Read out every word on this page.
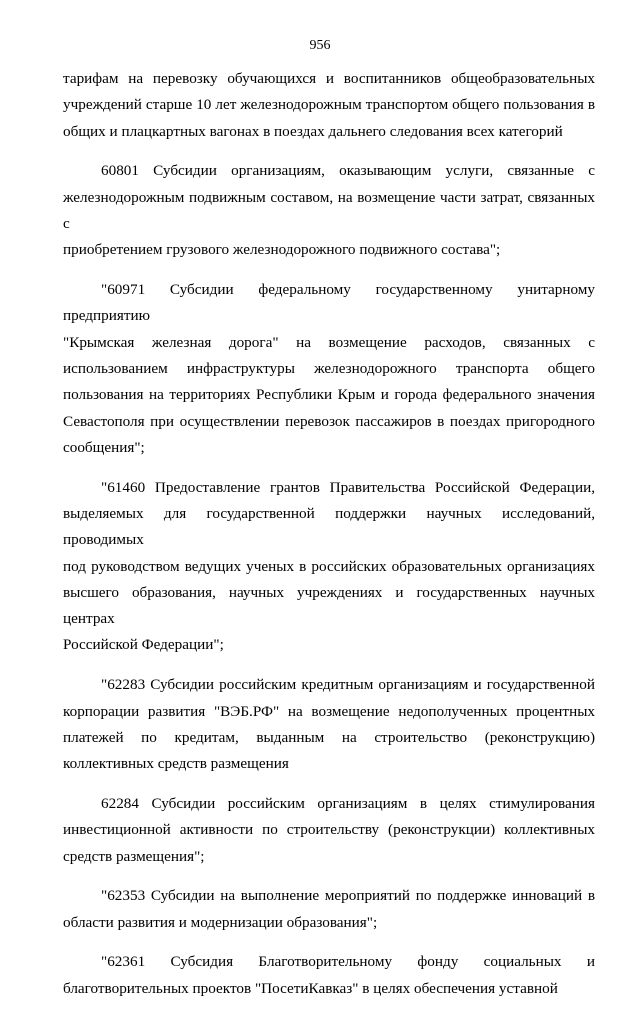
956
тарифам на перевозку обучающихся и воспитанников общеобразовательных
учреждений старше 10 лет железнодорожным транспортом общего пользования в
общих и плацкартных вагонах в поездах дальнего следования всех категорий
60801 Субсидии организациям, оказывающим услуги, связанные с
железнодорожным подвижным составом, на возмещение части затрат, связанных с
приобретением грузового железнодорожного подвижного состава";
"60971 Субсидии федеральному государственному унитарному предприятию
"Крымская железная дорога" на возмещение расходов, связанных с
использованием инфраструктуры железнодорожного транспорта общего
пользования на территориях Республики Крым и города федерального значения
Севастополя при осуществлении перевозок пассажиров в поездах пригородного
сообщения";
"61460 Предоставление грантов Правительства Российской Федерации,
выделяемых для государственной поддержки научных исследований, проводимых
под руководством ведущих ученых в российских образовательных организациях
высшего образования, научных учреждениях и государственных научных центрах
Российской Федерации";
"62283 Субсидии российским кредитным организациям и государственной
корпорации развития "ВЭБ.РФ" на возмещение недополученных процентных
платежей по кредитам, выданным на строительство (реконструкцию)
коллективных средств размещения
62284 Субсидии российским организациям в целях стимулирования
инвестиционной активности по строительству (реконструкции) коллективных
средств размещения";
"62353 Субсидии на выполнение мероприятий по поддержке инноваций в
области развития и модернизации образования";
"62361 Субсидия Благотворительному фонду социальных и
благотворительных проектов "ПосетиКавказ" в целях обеспечения уставной
